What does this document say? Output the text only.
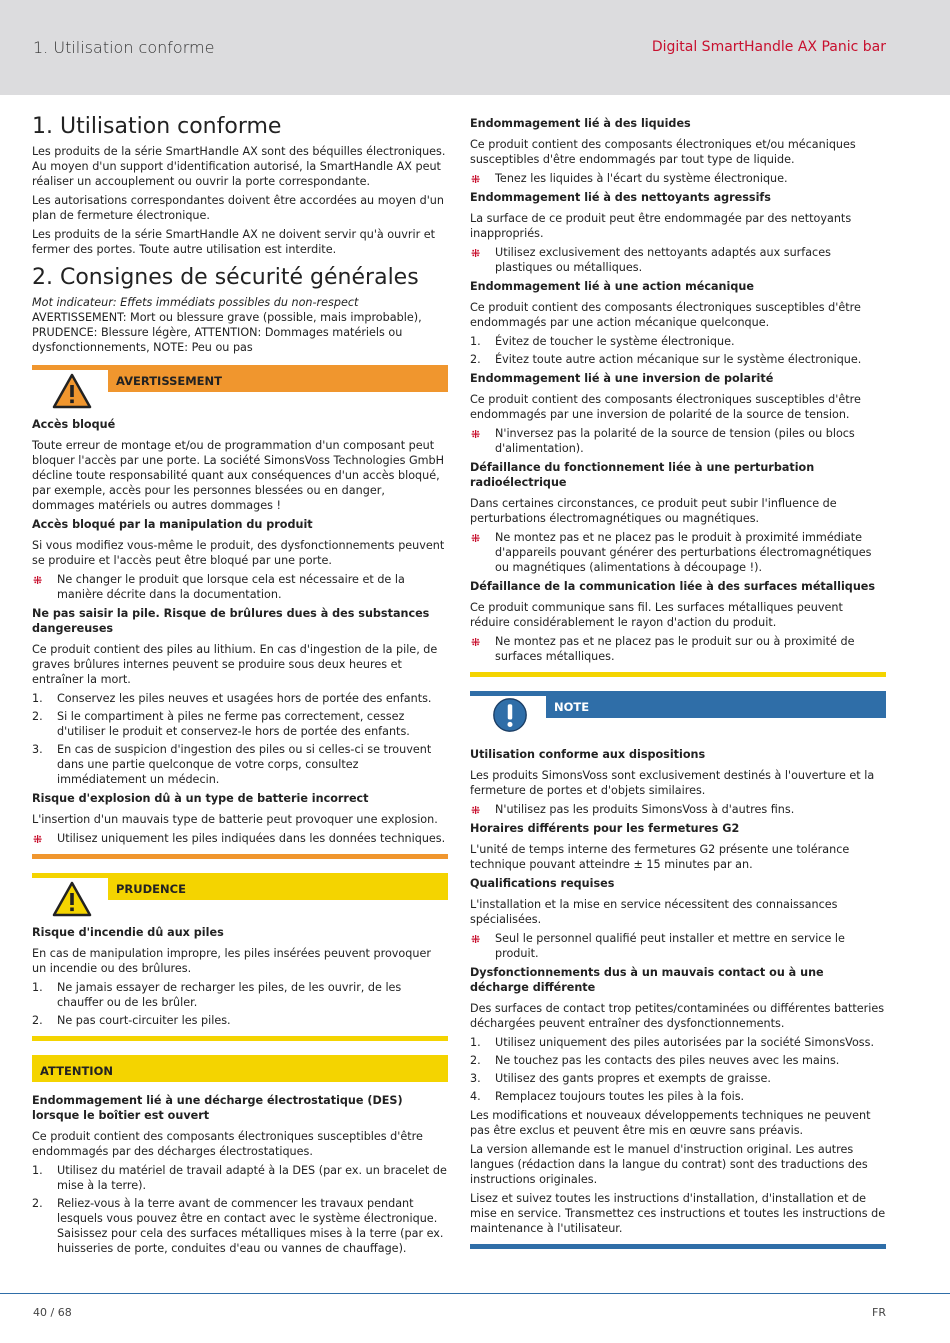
1. Utilisation conforme	Digital SmartHandle AX Panic bar
1. Utilisation conforme

Les produits de la série SmartHandle AX sont des béquilles électroniques. Au moyen d'un support d'identification autorisé, la SmartHandle AX peut réaliser un accouplement ou ouvrir la porte correspondante.

Les autorisations correspondantes doivent être accordées au moyen d'un plan de fermeture électronique.

Les produits de la série SmartHandle AX ne doivent servir qu'à ouvrir et fermer des portes. Toute autre utilisation est interdite.

2. Consignes de sécurité générales

Mot indicateur: Effets immédiats possibles du non-respect

AVERTISSEMENT: Mort ou blessure grave (possible, mais improbable), PRUDENCE: Blessure légère, ATTENTION: Dommages matériels ou dysfonctionnements, NOTE: Peu ou pas

AVERTISSEMENT

Accès bloqué

Toute erreur de montage et/ou de programmation d'un composant peut bloquer l'accès par une porte. La société SimonsVoss Technologies GmbH décline toute responsabilité quant aux conséquences d'un accès bloqué, par exemple, accès pour les personnes blessées ou en danger, dommages matériels ou autres dommages !

Accès bloqué par la manipulation du produit

Si vous modifiez vous-même le produit, des dysfonctionnements peuvent se produire et l'accès peut être bloqué par une porte.

⁜ Ne changer le produit que lorsque cela est nécessaire et de la manière décrite dans la documentation.

Ne pas saisir la pile. Risque de brûlures dues à des substances dangereuses

Ce produit contient des piles au lithium. En cas d'ingestion de la pile, de graves brûlures internes peuvent se produire sous deux heures et entraîner la mort.

1. Conservez les piles neuves et usagées hors de portée des enfants.
2. Si le compartiment à piles ne ferme pas correctement, cessez d'utiliser le produit et conservez-le hors de portée des enfants.
3. En cas de suspicion d'ingestion des piles ou si celles-ci se trouvent dans une partie quelconque de votre corps, consultez immédiatement un médecin.

Risque d'explosion dû à un type de batterie incorrect

L'insertion d'un mauvais type de batterie peut provoquer une explosion.

⁜ Utilisez uniquement les piles indiquées dans les données techniques.
PRUDENCE

Risque d'incendie dû aux piles

En cas de manipulation impropre, les piles insérées peuvent provoquer un incendie ou des brûlures.

1. Ne jamais essayer de recharger les piles, de les ouvrir, de les chauffer ou de les brûler.
2. Ne pas court-circuiter les piles.
ATTENTION

Endommagement lié à une décharge électrostatique (DES) lorsque le boîtier est ouvert

Ce produit contient des composants électroniques susceptibles d'être endommagés par des décharges électrostatiques.

1. Utilisez du matériel de travail adapté à la DES (par ex. un bracelet de mise à la terre).
2. Reliez-vous à la terre avant de commencer les travaux pendant lesquels vous pouvez être en contact avec le système électronique. Saisissez pour cela des surfaces métalliques mises à la terre (par ex. huisseries de porte, conduites d'eau ou vannes de chauffage).

Endommagement lié à des liquides

Ce produit contient des composants électroniques et/ou mécaniques susceptibles d'être endommagés par tout type de liquide.

⁜ Tenez les liquides à l'écart du système électronique.

Endommagement lié à des nettoyants agressifs

La surface de ce produit peut être endommagée par des nettoyants inappropriés.

⁜ Utilisez exclusivement des nettoyants adaptés aux surfaces plastiques ou métalliques.

Endommagement lié à une action mécanique

Ce produit contient des composants électroniques susceptibles d'être endommagés par une action mécanique quelconque.

1. Évitez de toucher le système électronique.
2. Évitez toute autre action mécanique sur le système électronique.

Endommagement lié à une inversion de polarité

Ce produit contient des composants électroniques susceptibles d'être endommagés par une inversion de polarité de la source de tension.

⁜ N'inversez pas la polarité de la source de tension (piles ou blocs d'alimentation).

Défaillance du fonctionnement liée à une perturbation radioélectrique

Dans certaines circonstances, ce produit peut subir l'influence de perturbations électromagnétiques ou magnétiques.

⁜ Ne montez pas et ne placez pas le produit à proximité immédiate d'appareils pouvant générer des perturbations électromagnétiques ou magnétiques (alimentations à découpage !).

Défaillance de la communication liée à des surfaces métalliques

Ce produit communique sans fil. Les surfaces métalliques peuvent réduire considérablement le rayon d'action du produit.

⁜ Ne montez pas et ne placez pas le produit sur ou à proximité de surfaces métalliques.
NOTE

Utilisation conforme aux dispositions

Les produits SimonsVoss sont exclusivement destinés à l'ouverture et la fermeture de portes et d'objets similaires.

⁜ N'utilisez pas les produits SimonsVoss à d'autres fins.

Horaires différents pour les fermetures G2

L'unité de temps interne des fermetures G2 présente une tolérance technique pouvant atteindre ± 15 minutes par an.

Qualifications requises

L'installation et la mise en service nécessitent des connaissances spécialisées.

⁜ Seul le personnel qualifié peut installer et mettre en service le produit.

Dysfonctionnements dus à un mauvais contact ou à une décharge différente

Des surfaces de contact trop petites/contaminées ou différentes batteries déchargées peuvent entraîner des dysfonctionnements.

1. Utilisez uniquement des piles autorisées par la société SimonsVoss.
2. Ne touchez pas les contacts des piles neuves avec les mains.
3. Utilisez des gants propres et exempts de graisse.
4. Remplacez toujours toutes les piles à la fois.

Les modifications et nouveaux développements techniques ne peuvent pas être exclus et peuvent être mis en œuvre sans préavis.

La version allemande est le manuel d'instruction original. Les autres langues (rédaction dans la langue du contrat) sont des traductions des instructions originales.

Lisez et suivez toutes les instructions d'installation, d'installation et de mise en service. Transmettez ces instructions et toutes les instructions de maintenance à l'utilisateur.

40 / 68	FR
